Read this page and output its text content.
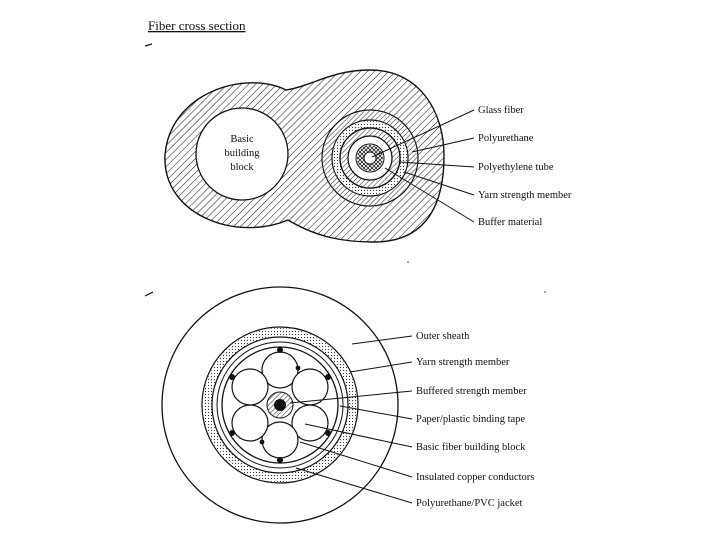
Fiber cross section
Basic
building
block
Glass fiber
Polyurethane
Polyethylene tube
Yarn strength member
Buffer material
Outer sheath
Yarn strength member
Buffered strength member
Paper/plastic binding tape
Basic fiber building block
Insulated copper conductors
Polyurethane/PVC jacket
